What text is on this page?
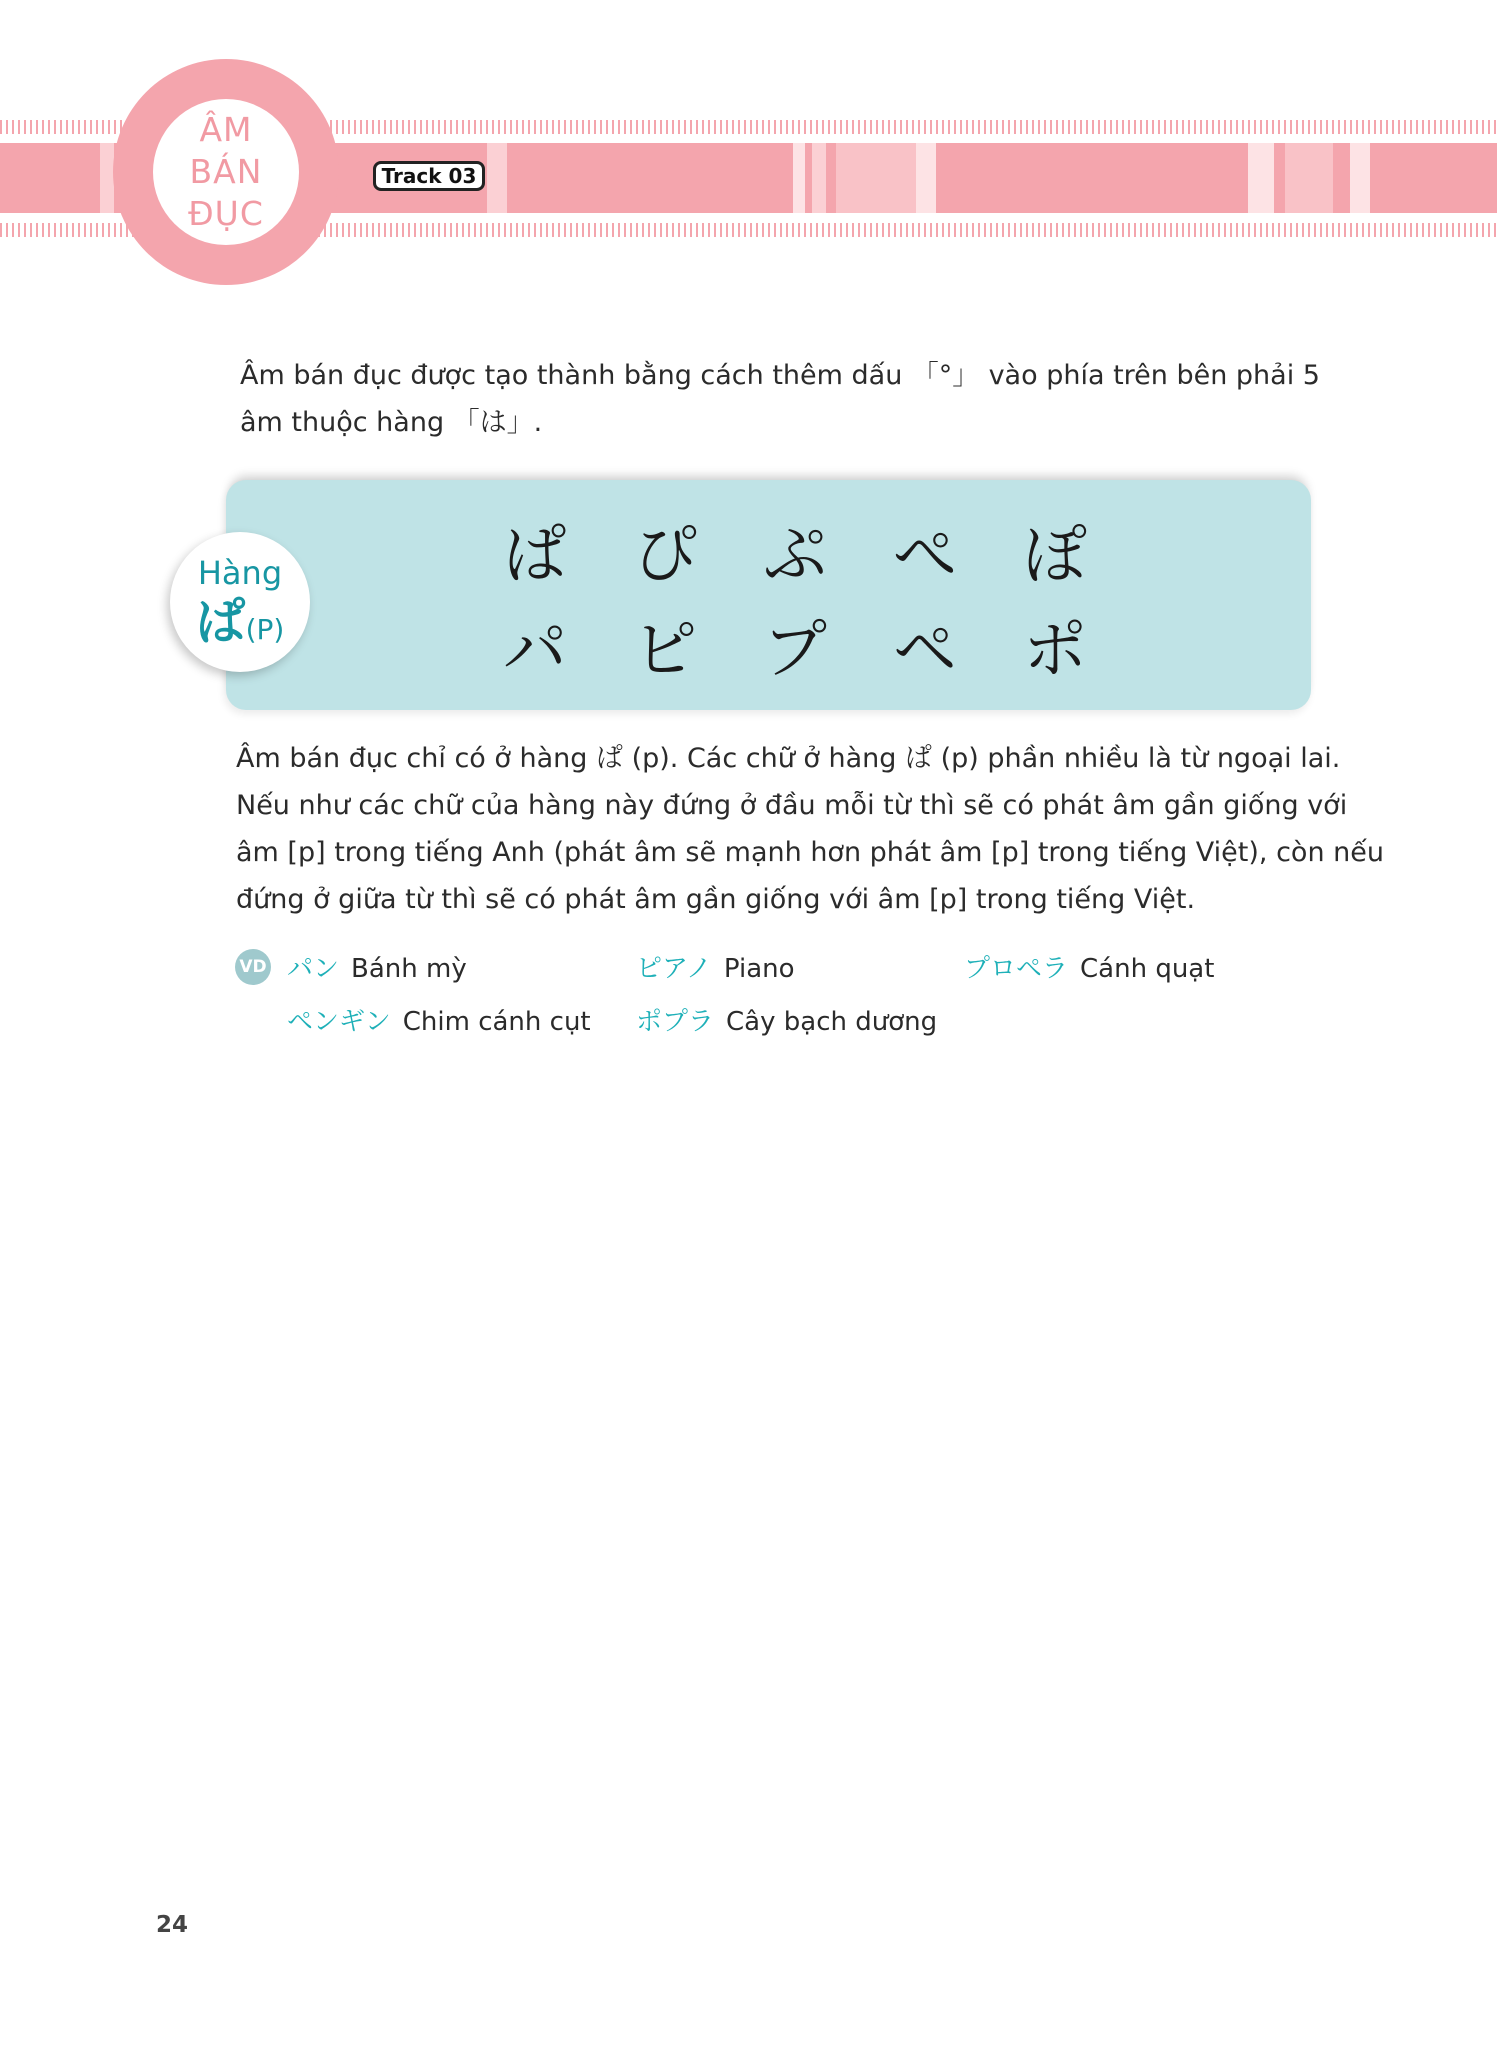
ÂM
BÁN
ĐỤC
Track 03
Âm bán đục được tạo thành bằng cách thêm dấu 「°」 vào phía trên bên phải 5
âm thuộc hàng 「は」.
ぱ ぴ ぷ ぺ ぽ
パ ピ プ ペ ポ
Hàng
ぱ (P)
Âm bán đục chỉ có ở hàng ぱ (p). Các chữ ở hàng ぱ (p) phần nhiều là từ ngoại lai.
Nếu như các chữ của hàng này đứng ở đầu mỗi từ thì sẽ có phát âm gần giống với
âm [p] trong tiếng Anh (phát âm sẽ mạnh hơn phát âm [p] trong tiếng Việt), còn nếu
đứng ở giữa từ thì sẽ có phát âm gần giống với âm [p] trong tiếng Việt.
VD パン Bánh mỳ	ピアノ Piano	プロペラ Cánh quạt
ペンギン Chim cánh cụt ポプラ Cây bạch dương
24
